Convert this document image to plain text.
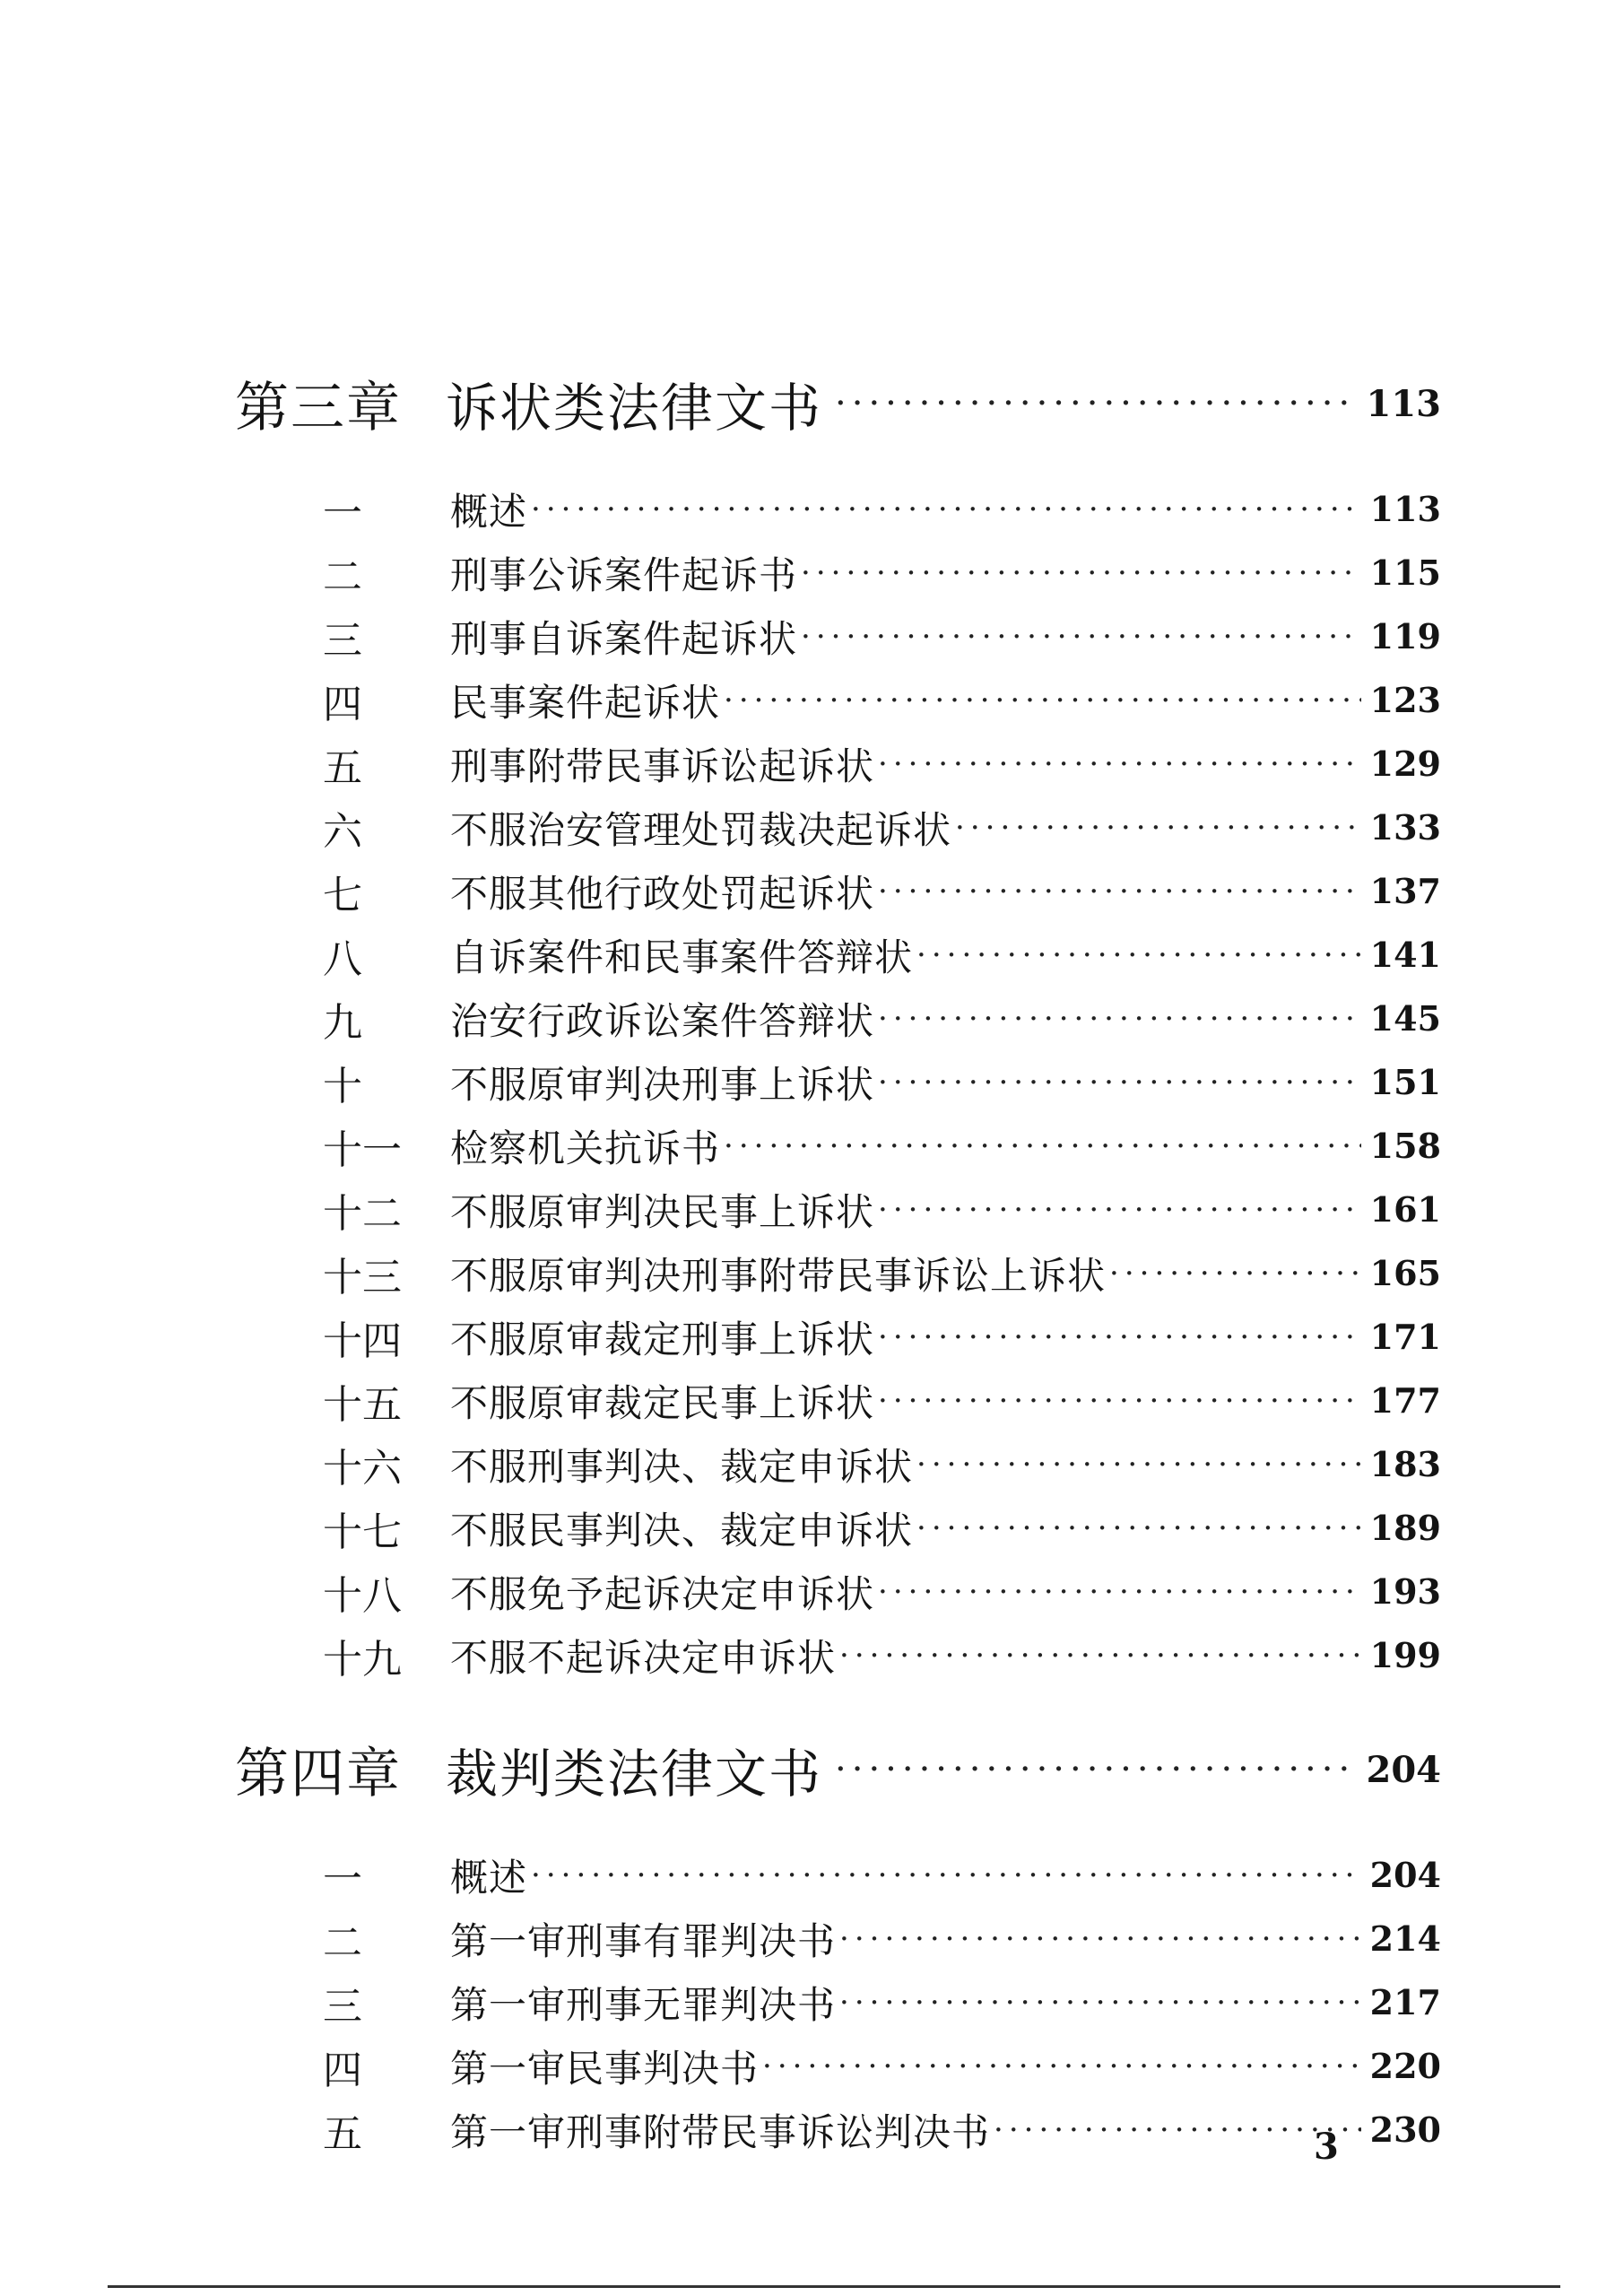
第三章 诉状类法律文书 ·····	113
一	概述 ·····	113
二	刑事公诉案件起诉书 ·····	115
三	刑事自诉案件起诉状 ·····	119
四	民事案件起诉状 ·····	123
五	刑事附带民事诉讼起诉状 ·····	129
六	不服治安管理处罚裁决起诉状 ·····	133
七	不服其他行政处罚起诉状 ·····	137
八	自诉案件和民事案件答辩状 ·····	141
九	治安行政诉讼案件答辩状 ·····	145
十	不服原审判决刑事上诉状 ·····	151
十一	检察机关抗诉书 ·····	158
十二	不服原审判决民事上诉状 ·····	161
十三	不服原审判决刑事附带民事诉讼上诉状 ·····	165
十四	不服原审裁定刑事上诉状 ·····	171
十五	不服原审裁定民事上诉状 ·····	177
十六	不服刑事判决、裁定申诉状 ·····	183
十七	不服民事判决、裁定申诉状 ·····	189
十八	不服免予起诉决定申诉状 ·····	193
十九	不服不起诉决定申诉状 ·····	199
第四章 裁判类法律文书 ·····	204
一	概述 ·····	204
二	第一审刑事有罪判决书 ·····	214
三	第一审刑事无罪判决书 ·····	217
四	第一审民事判决书 ·····	220
五	第一审刑事附带民事诉讼判决书 ·····	230
3
